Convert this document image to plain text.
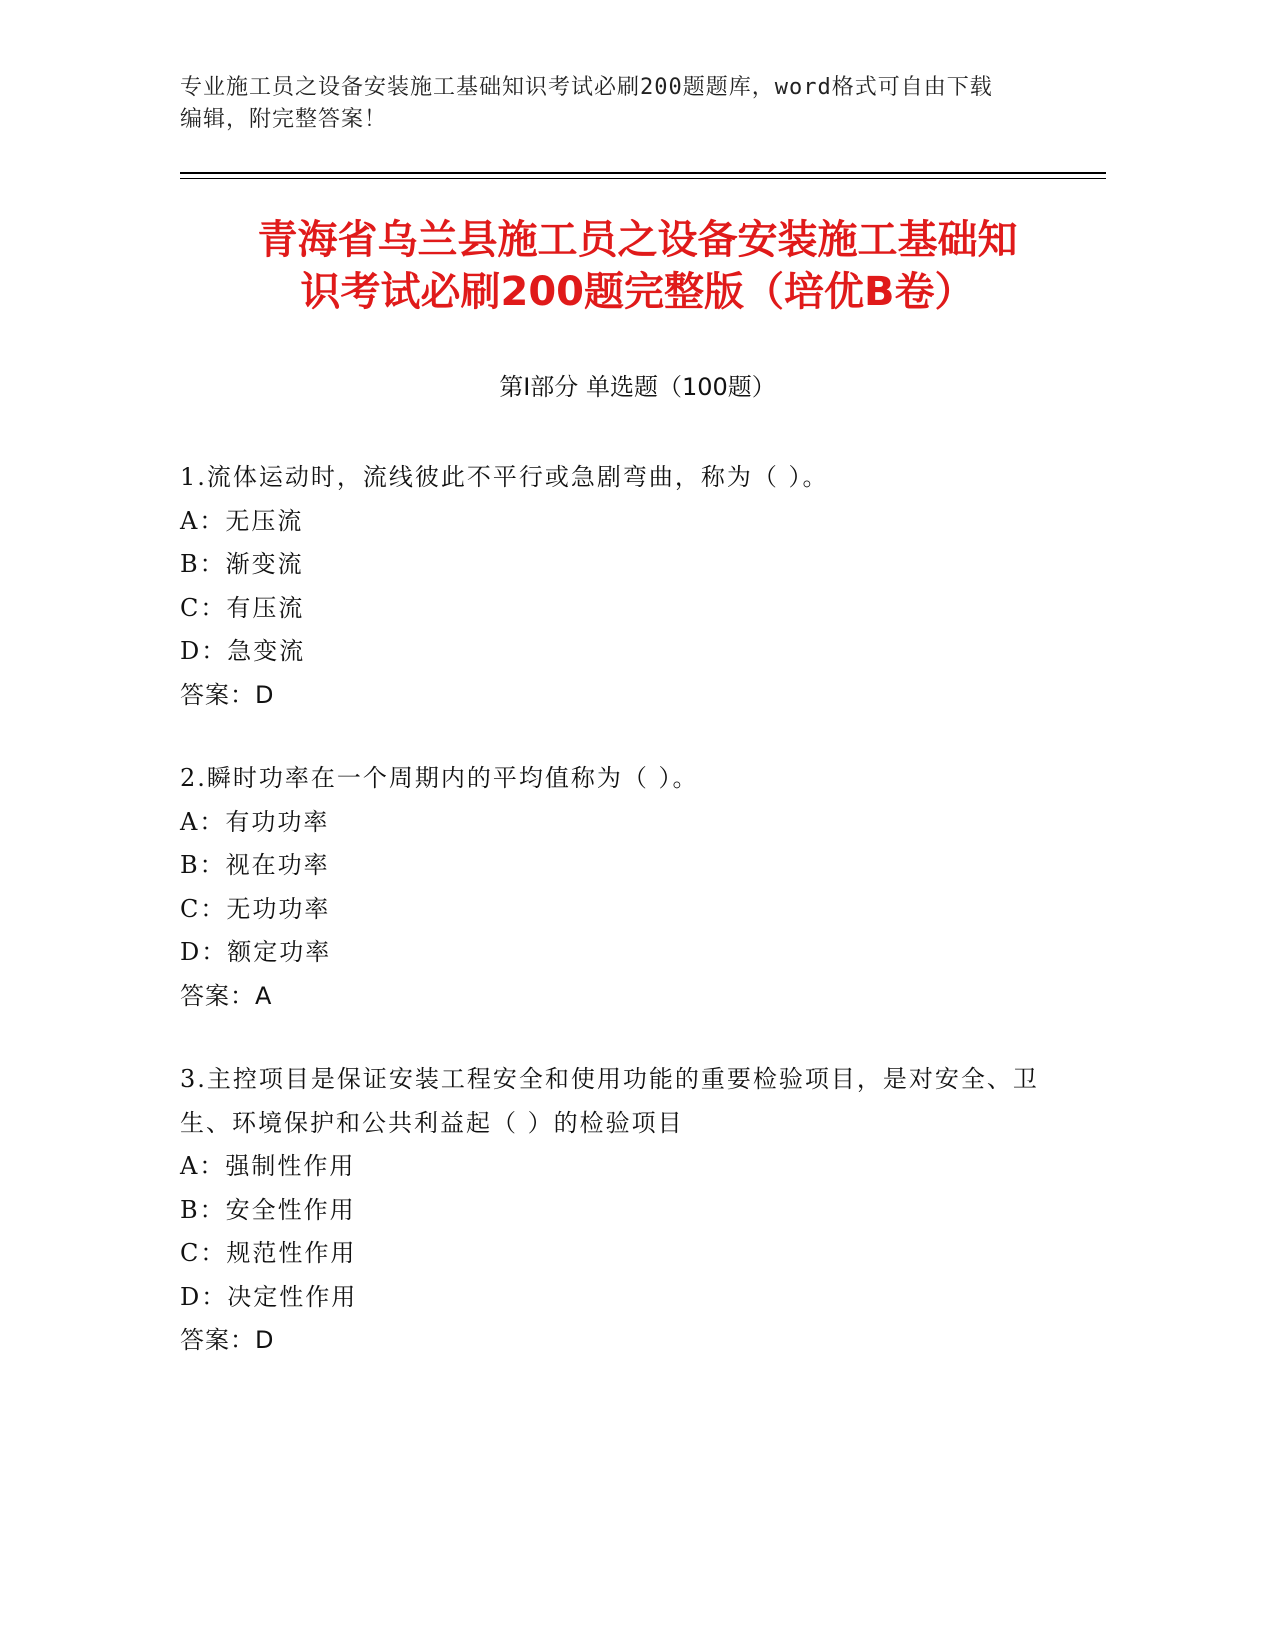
专业施工员之设备安装施工基础知识考试必刷200题题库，word格式可自由下载
编辑，附完整答案！
青海省乌兰县施工员之设备安装施工基础知
识考试必刷200题完整版（培优B卷）
第Ⅰ部分 单选题（100题）
1.流体运动时，流线彼此不平行或急剧弯曲，称为（ ）。
A：无压流
B：渐变流
C：有压流
D：急变流
答案：D
2.瞬时功率在一个周期内的平均值称为（ ）。
A：有功功率
B：视在功率
C：无功功率
D：额定功率
答案：A
3.主控项目是保证安装工程安全和使用功能的重要检验项目，是对安全、卫生、环境保护和公共利益起（ ）的检验项目
A：强制性作用
B：安全性作用
C：规范性作用
D：决定性作用
答案：D
